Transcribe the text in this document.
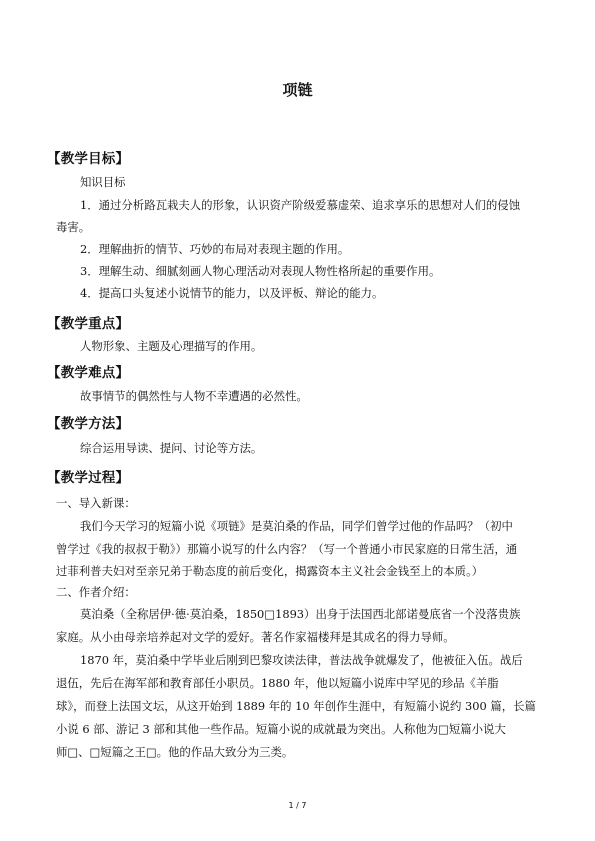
项链
【教学目标】
知识目标
1．通过分析路瓦栽夫人的形象，认识资产阶级爱慕虚荣、追求享乐的思想对人们的侵蚀
毒害。
2．理解曲折的情节、巧妙的布局对表现主题的作用。
3．理解生动、细腻刻画人物心理活动对表现人物性格所起的重要作用。
4．提高口头复述小说情节的能力，以及评板、辩论的能力。
【教学重点】
人物形象、主题及心理描写的作用。
【教学难点】
故事情节的偶然性与人物不幸遭遇的必然性。
【教学方法】
综合运用导读、提问、讨论等方法。
【教学过程】
一、导入新课：
我们今天学习的短篇小说《项链》是莫泊桑的作品，同学们曾学过他的作品吗？（初中
曾学过《我的叔叔于勒》）那篇小说写的什么内容？（写一个普通小市民家庭的日常生活，通
过菲利普夫妇对至亲兄弟于勒态度的前后变化，揭露资本主义社会金钱至上的本质。）
二、作者介绍：
莫泊桑（全称居伊·德·莫泊桑，1850□1893）出身于法国西北部诺曼底省一个没落贵族
家庭。从小由母亲培养起对文学的爱好。著名作家福楼拜是其成名的得力导师。
1870 年，莫泊桑中学毕业后刚到巴黎攻读法律，普法战争就爆发了，他被征入伍。战后
退伍，先后在海军部和教育部任小职员。1880 年，他以短篇小说库中罕见的珍品《羊脂
球》，而登上法国文坛，从这开始到 1889 年的 10 年创作生涯中，有短篇小说约 300 篇，长篇
小说 6 部、游记 3 部和其他一些作品。短篇小说的成就最为突出。人称他为□短篇小说大
师□、□短篇之王□。他的作品大致分为三类。
1 / 7
